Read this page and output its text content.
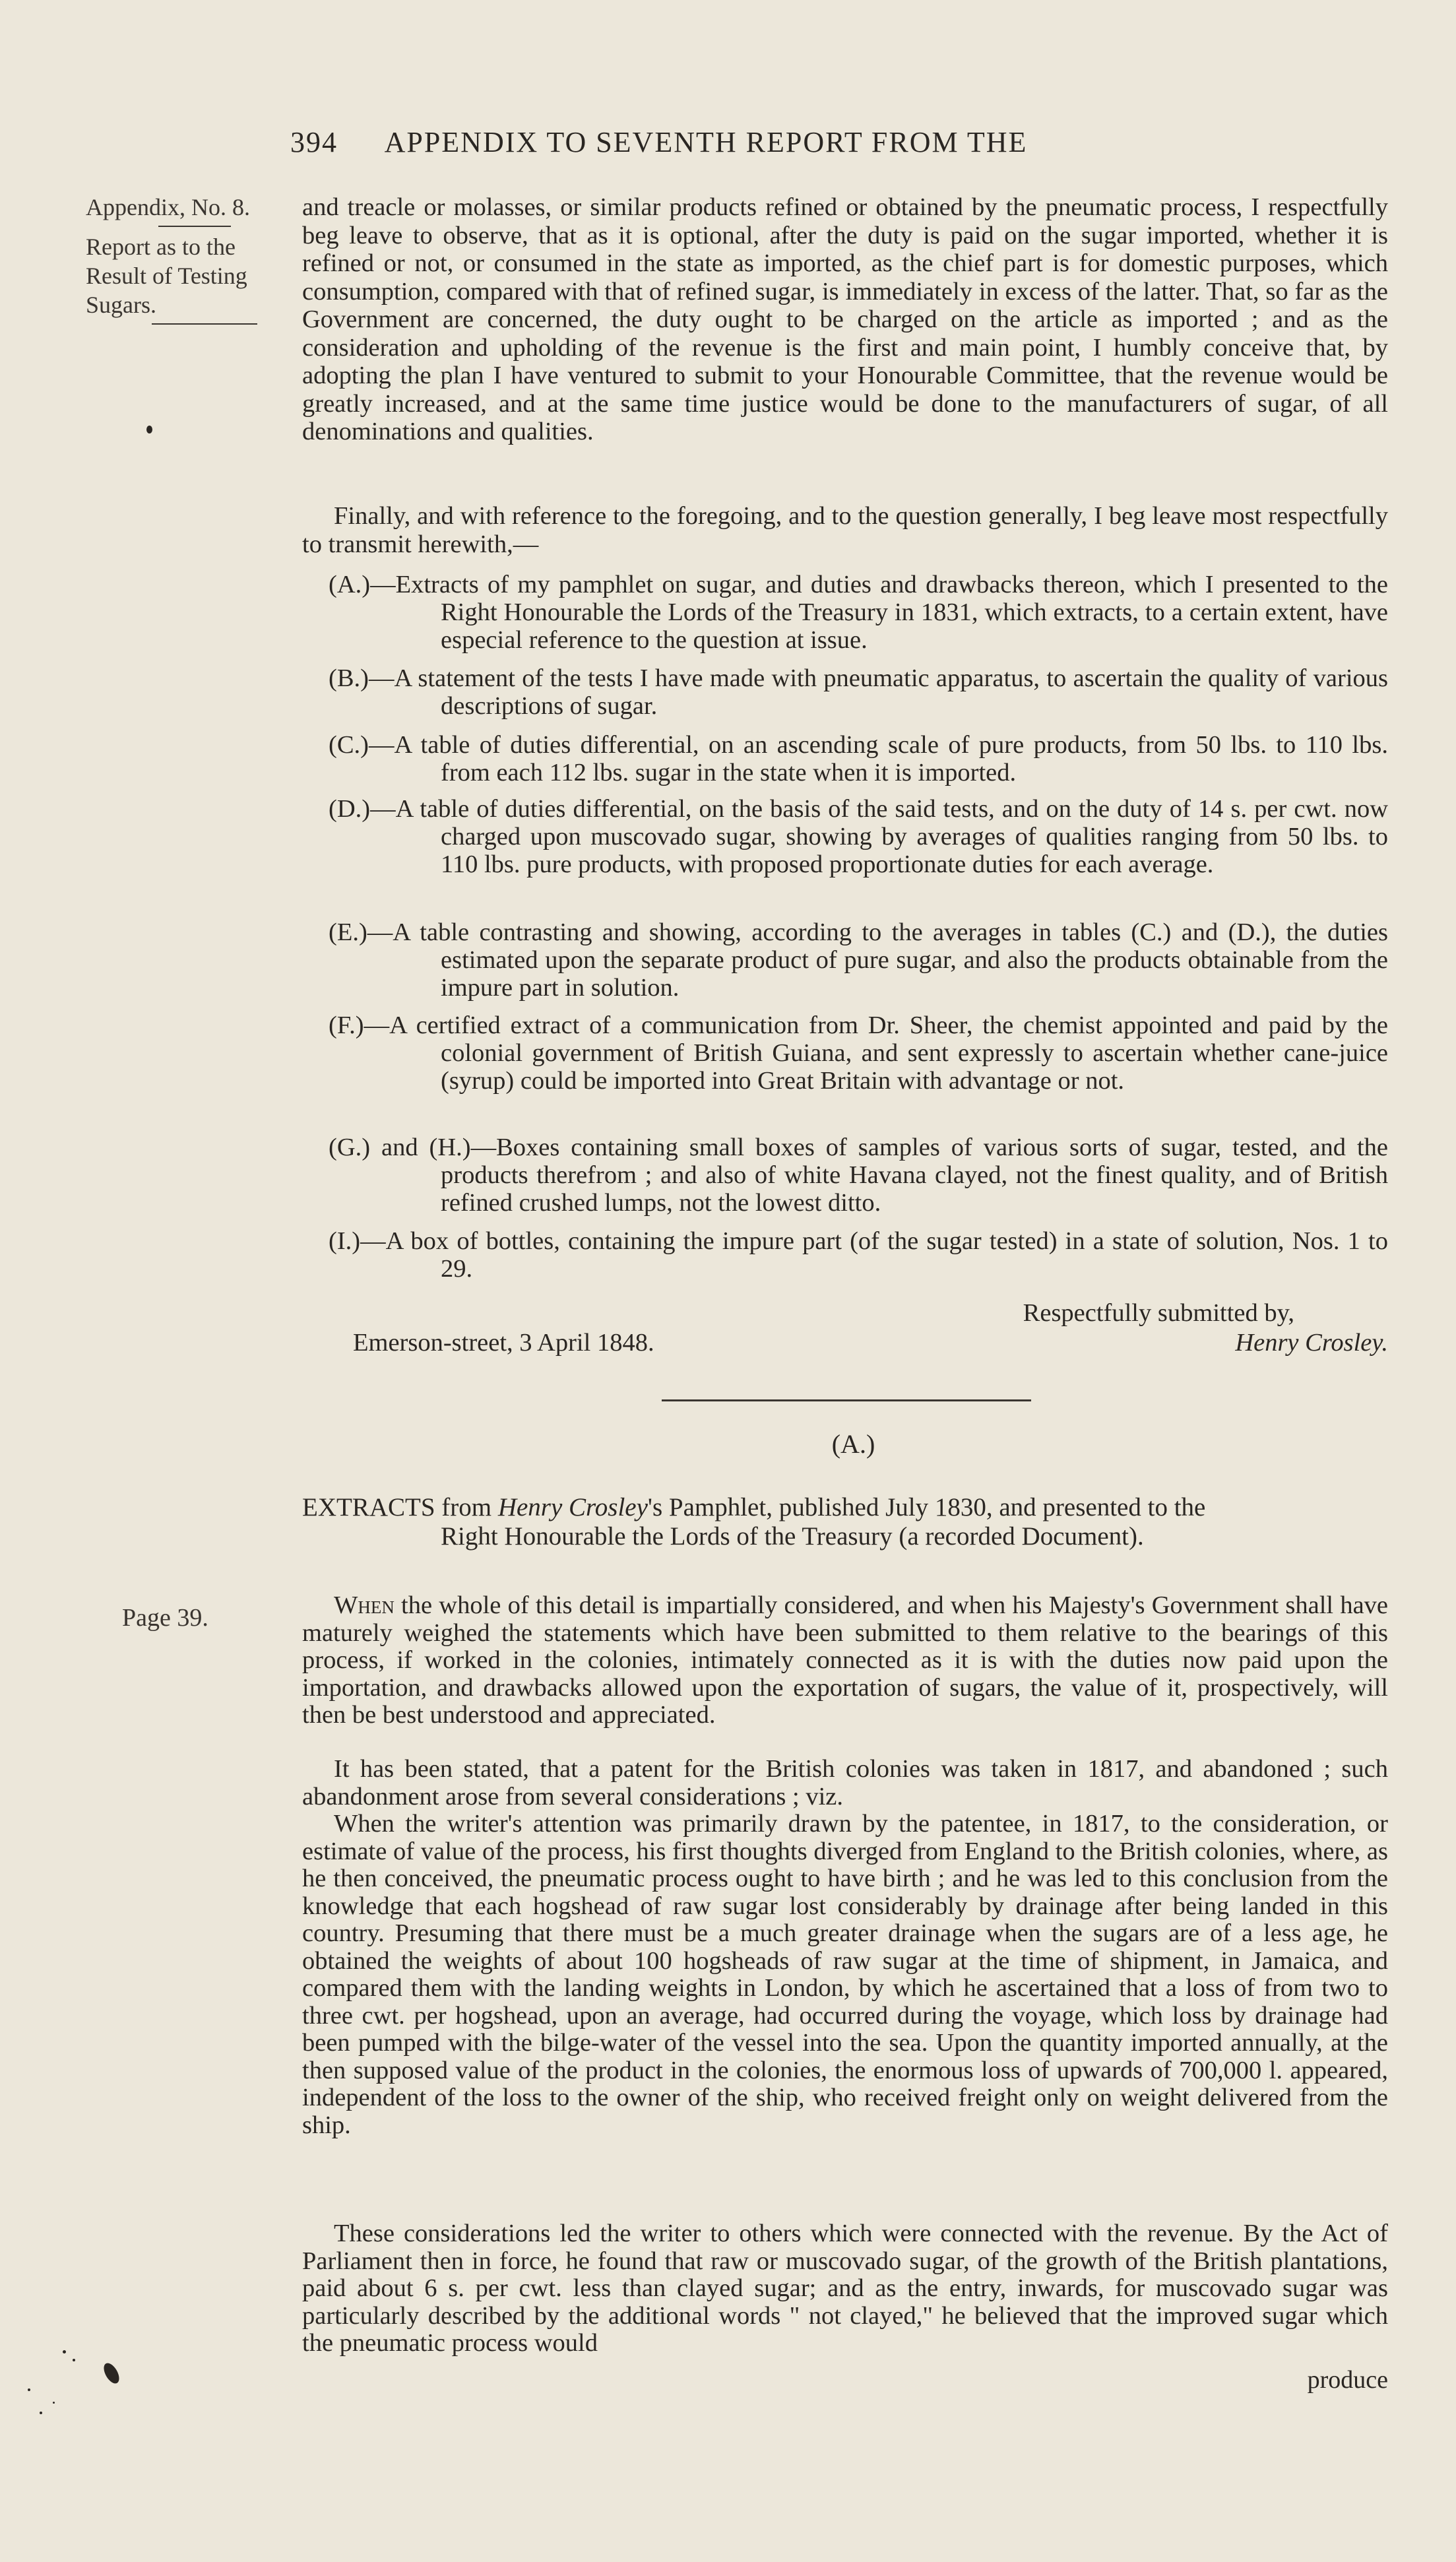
394 APPENDIX TO SEVENTH REPORT FROM THE
Appendix, No. 8.
Report as to the
Result of Testing
Sugars.

and treacle or molasses, or similar products refined or obtained by the pneumatic process, I respectfully beg leave to observe, that as it is optional, after the duty is paid on the sugar imported, whether it is refined or not, or consumed in the state as imported, as the chief part is for domestic purposes, which consumption, compared with that of refined sugar, is immediately in excess of the latter. That, so far as the Government are concerned, the duty ought to be charged on the article as imported ; and as the consideration and upholding of the revenue is the first and main point, I humbly conceive that, by adopting the plan I have ventured to submit to your Honourable Committee, that the revenue would be greatly increased, and at the same time justice would be done to the manufacturers of sugar, of all denominations and qualities.

Finally, and with reference to the foregoing, and to the question generally, I beg leave most respectfully to transmit herewith,—

(A.)—Extracts of my pamphlet on sugar, and duties and drawbacks thereon, which I presented to the Right Honourable the Lords of the Treasury in 1831, which extracts, to a certain extent, have especial reference to the question at issue.
(B.)—A statement of the tests I have made with pneumatic apparatus, to ascertain the quality of various descriptions of sugar.
(C.)—A table of duties differential, on an ascending scale of pure products, from 50 lbs. to 110 lbs. from each 112 lbs. sugar in the state when it is imported.
(D.)—A table of duties differential, on the basis of the said tests, and on the duty of 14 s. per cwt. now charged upon muscovado sugar, showing by averages of qualities ranging from 50 lbs. to 110 lbs. pure products, with proposed proportionate duties for each average.
(E.)—A table contrasting and showing, according to the averages in tables (C.) and (D.), the duties estimated upon the separate product of pure sugar, and also the products obtainable from the impure part in solution.
(F.)—A certified extract of a communication from Dr. Sheer, the chemist appointed and paid by the colonial government of British Guiana, and sent expressly to ascertain whether cane-juice (syrup) could be imported into Great Britain with advantage or not.
(G.) and (H.)—Boxes containing small boxes of samples of various sorts of sugar, tested, and the products therefrom ; and also of white Havana clayed, not the finest quality, and of British refined crushed lumps, not the lowest ditto.
(I.)—A box of bottles, containing the impure part (of the sugar tested) in a state of solution, Nos. 1 to 29.
Respectfully submitted by,
Emerson-street, 3 April 1848.	Henry Crosley.
(A.)
EXTRACTS from Henry Crosley's Pamphlet, published July 1830, and presented to the
Right Honourable the Lords of the Treasury (a recorded Document).
Page 39.	When the whole of this detail is impartially considered, and when his Majesty's Government shall have maturely weighed the statements which have been submitted to them relative to the bearings of this process, if worked in the colonies, intimately connected as it is with the duties now paid upon the importation, and drawbacks allowed upon the exportation of sugars, the value of it, prospectively, will then be best understood and appreciated.

It has been stated, that a patent for the British colonies was taken in 1817, and abandoned ; such abandonment arose from several considerations ; viz.

When the writer's attention was primarily drawn by the patentee, in 1817, to the consideration, or estimate of value of the process, his first thoughts diverged from England to the British colonies, where, as he then conceived, the pneumatic process ought to have birth ; and he was led to this conclusion from the knowledge that each hogshead of raw sugar lost considerably by drainage after being landed in this country. Presuming that there must be a much greater drainage when the sugars are of a less age, he obtained the weights of about 100 hogsheads of raw sugar at the time of shipment, in Jamaica, and compared them with the landing weights in London, by which he ascertained that a loss of from two to three cwt. per hogshead, upon an average, had occurred during the voyage, which loss by drainage had been pumped with the bilge-water of the vessel into the sea. Upon the quantity imported annually, at the then supposed value of the product in the colonies, the enormous loss of upwards of 700,000 l. appeared, independent of the loss to the owner of the ship, who received freight only on weight delivered from the ship.

These considerations led the writer to others which were connected with the revenue. By the Act of Parliament then in force, he found that raw or muscovado sugar, of the growth of the British plantations, paid about 6 s. per cwt. less than clayed sugar; and as the entry, inwards, for muscovado sugar was particularly described by the additional words " not clayed," he believed that the improved sugar which the pneumatic process would

produce
